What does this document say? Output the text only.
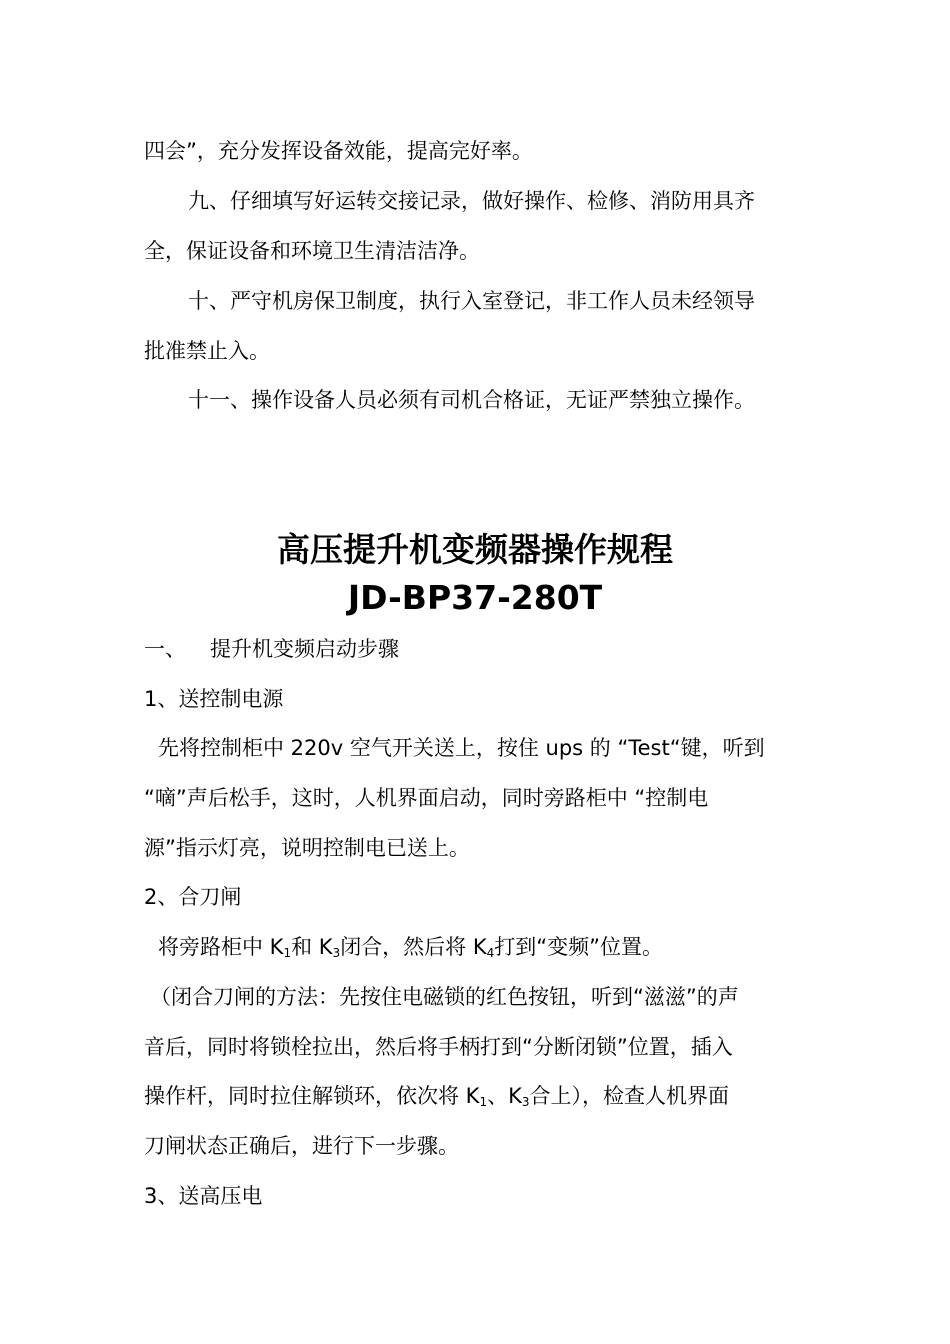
四会”，充分发挥设备效能，提高完好率。
九、仔细填写好运转交接记录，做好操作、检修、消防用具齐
全，保证设备和环境卫生清洁洁净。
十、严守机房保卫制度，执行入室登记，非工作人员未经领导
批准禁止入。
十一、操作设备人员必须有司机合格证，无证严禁独立操作。
高压提升机变频器操作规程
JD-BP37-280T
一、 提升机变频启动步骤
1、送控制电源
先将控制柜中 220v 空气开关送上，按住 ups 的 “Test“键，听到
“嘀”声后松手，这时，人机界面启动，同时旁路柜中 “控制电
源”指示灯亮，说明控制电已送上。
2、合刀闸
将旁路柜中 $K_1$和 $K_3$闭合，然后将 $K_4$打到“变频”位置。
（闭合刀闸的方法：先按住电磁锁的红色按钮，听到“滋滋”的声
音后，同时将锁栓拉出，然后将手柄打到“分断闭锁”位置，插入
操作杆，同时拉住解锁环，依次将 $K_1$、$K_3$合上），检查人机界面
刀闸状态正确后，进行下一步骤。
3、送高压电
